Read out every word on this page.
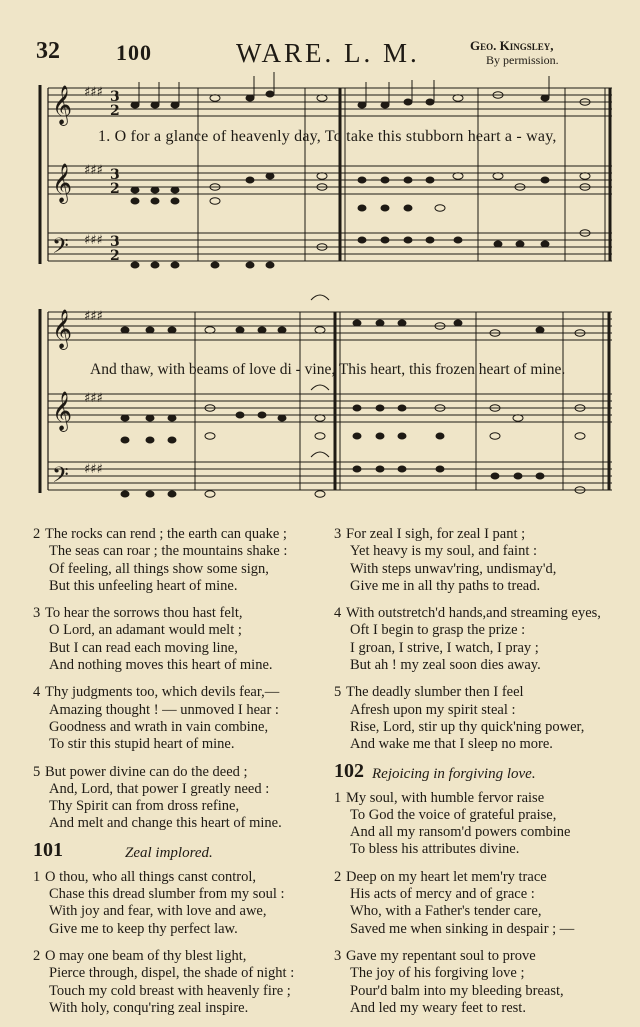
32	100	WARE. L. M.	Geo. Kingsley,
By permission.
𝄞
𝄞
𝄢
♯♯♯
♯♯♯
♯♯♯
3
2
3
2
3
2
𝄞
𝄞
𝄢
♯♯♯
♯♯♯
♯♯♯
1. O for a glance of heavenly day, To take this stubborn heart a - way,
And thaw, with beams of love di - vine, This heart, this frozen heart of mine.
2 The rocks can rend ; the earth can quake ;
The seas can roar ; the mountains shake :
Of feeling, all things show some sign,
But this unfeeling heart of mine.
3 To hear the sorrows thou hast felt,
O Lord, an adamant would melt ;
But I can read each moving line,
And nothing moves this heart of mine.
4 Thy judgments too, which devils fear,—
Amazing thought ! — unmoved I hear :
Goodness and wrath in vain combine,
To stir this stupid heart of mine.
5 But power divine can do the deed ;
And, Lord, that power I greatly need :
Thy Spirit can from dross refine,
And melt and change this heart of mine.
101	Zeal implored.
1 O thou, who all things canst control,
Chase this dread slumber from my soul :
With joy and fear, with love and awe,
Give me to keep thy perfect law.
2 O may one beam of thy blest light,
Pierce through, dispel, the shade of night :
Touch my cold breast with heavenly fire ;
With holy, conqu'ring zeal inspire.
3 For zeal I sigh, for zeal I pant ;
Yet heavy is my soul, and faint :
With steps unwav'ring, undismay'd,
Give me in all thy paths to tread.
4 With outstretch'd hands,and streaming eyes,
Oft I begin to grasp the prize :
I groan, I strive, I watch, I pray ;
But ah ! my zeal soon dies away.
5 The deadly slumber then I feel
Afresh upon my spirit steal :
Rise, Lord, stir up thy quick'ning power,
And wake me that I sleep no more.
102 Rejoicing in forgiving love.
1 My soul, with humble fervor raise
To God the voice of grateful praise,
And all my ransom'd powers combine
To bless his attributes divine.
2 Deep on my heart let mem'ry trace
His acts of mercy and of grace :
Who, with a Father's tender care,
Saved me when sinking in despair ; —
3 Gave my repentant soul to prove
The joy of his forgiving love ;
Pour'd balm into my bleeding breast,
And led my weary feet to rest.
